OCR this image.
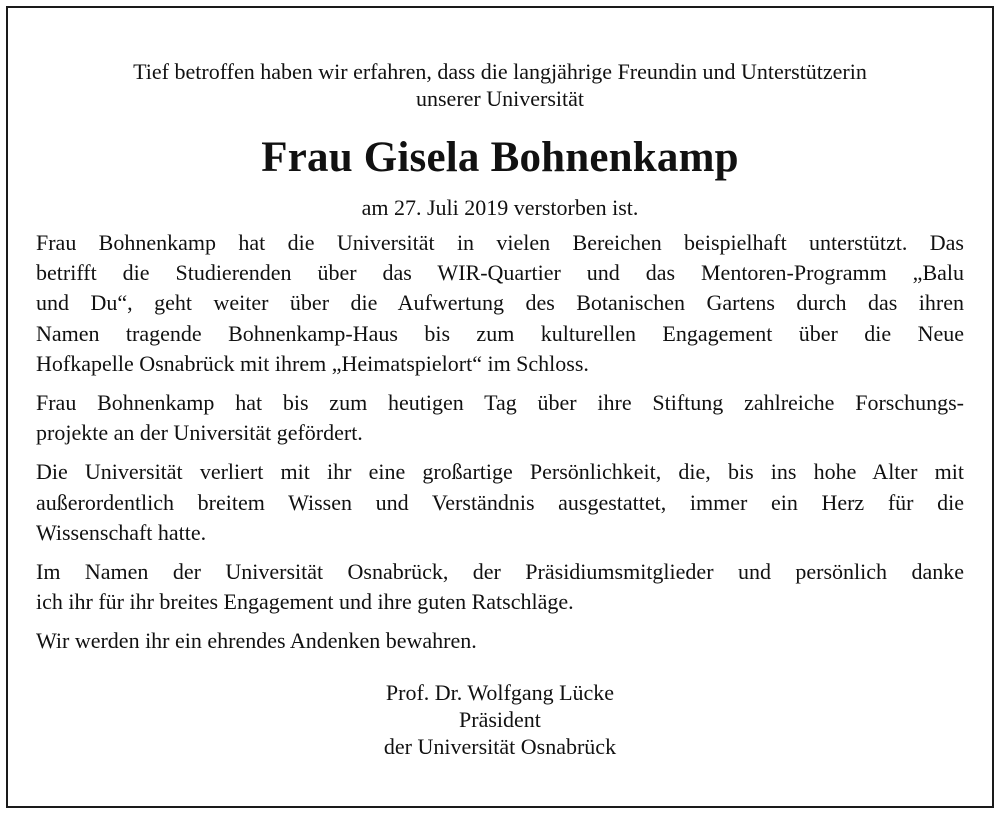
Tief betroffen haben wir erfahren, dass die langjährige Freundin und Unterstützerin
unserer Universität
Frau Gisela Bohnenkamp
am 27. Juli 2019 verstorben ist.

Frau Bohnenkamp hat die Universität in vielen Bereichen beispielhaft unterstützt. Das
betrifft die Studierenden über das WIR-Quartier und das Mentoren-Programm „Balu
und Du“, geht weiter über die Aufwertung des Botanischen Gartens durch das ihren
Namen tragende Bohnenkamp-Haus bis zum kulturellen Engagement über die Neue
Hofkapelle Osnabrück mit ihrem „Heimatspielort“ im Schloss.

Frau Bohnenkamp hat bis zum heutigen Tag über ihre Stiftung zahlreiche Forschungs-
projekte an der Universität gefördert.

Die Universität verliert mit ihr eine großartige Persönlichkeit, die, bis ins hohe Alter mit
außerordentlich breitem Wissen und Verständnis ausgestattet, immer ein Herz für die
Wissenschaft hatte.

Im Namen der Universität Osnabrück, der Präsidiumsmitglieder und persönlich danke
ich ihr für ihr breites Engagement und ihre guten Ratschläge.

Wir werden ihr ein ehrendes Andenken bewahren.

Prof. Dr. Wolfgang Lücke
Präsident
der Universität Osnabrück
